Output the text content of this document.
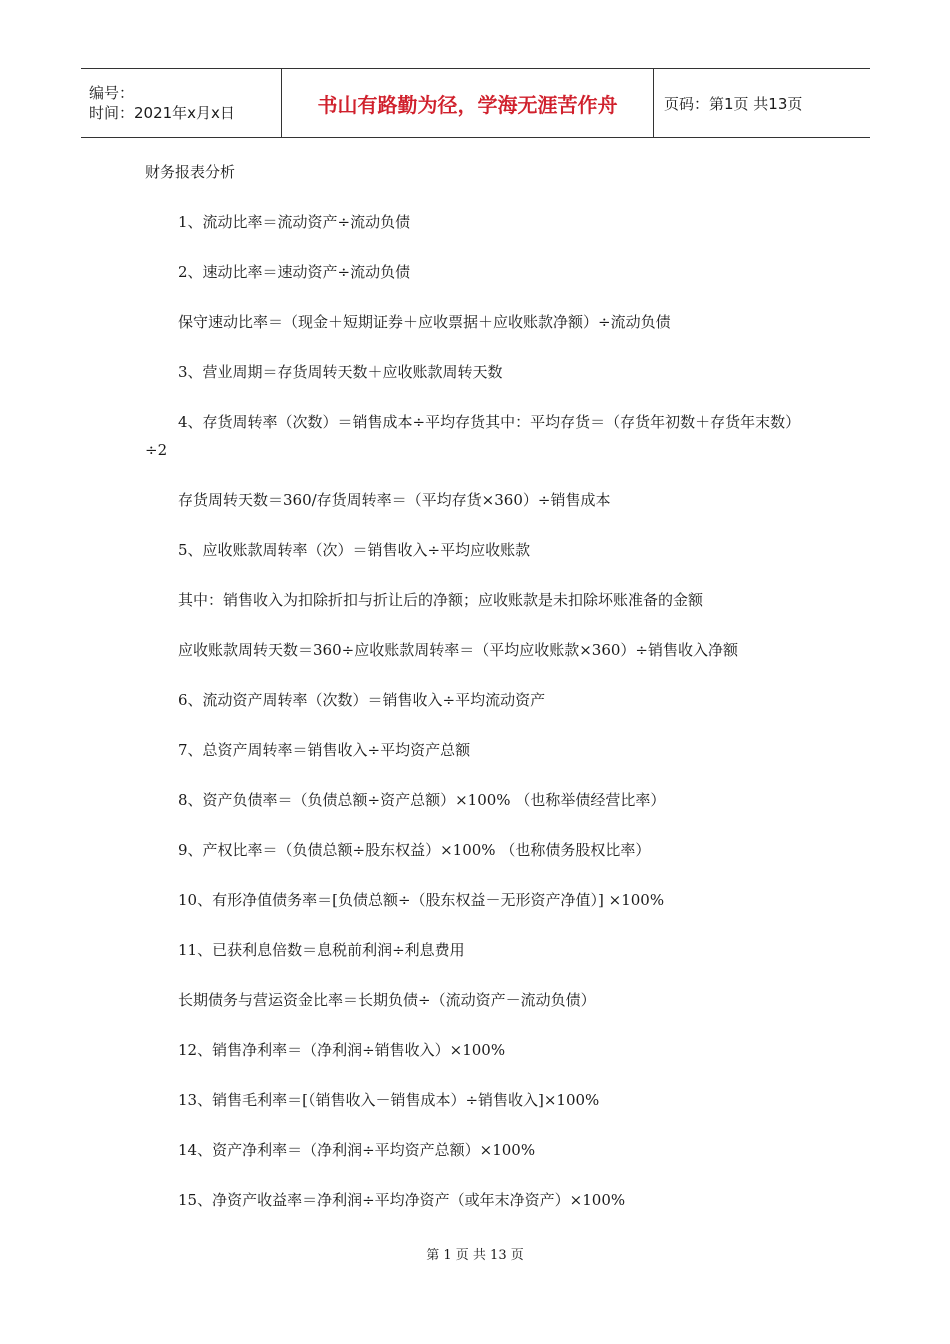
编号：
时间：2021年x月x日	书山有路勤为径，学海无涯苦作舟	页码：第1页 共13页

财务报表分析

1、流动比率＝流动资产÷流动负债

2、速动比率＝速动资产÷流动负债

保守速动比率＝（现金＋短期证券＋应收票据＋应收账款净额）÷流动负债

3、营业周期＝存货周转天数＋应收账款周转天数

4、存货周转率（次数）＝销售成本÷平均存货其中：平均存货＝（存货年初数＋存货年末数）÷2

存货周转天数＝360/存货周转率＝（平均存货×360）÷销售成本

5、应收账款周转率（次）＝销售收入÷平均应收账款

其中：销售收入为扣除折扣与折让后的净额；应收账款是未扣除坏账准备的金额

应收账款周转天数＝360÷应收账款周转率＝（平均应收账款×360）÷销售收入净额

6、流动资产周转率（次数）＝销售收入÷平均流动资产

7、总资产周转率＝销售收入÷平均资产总额

8、资产负债率＝（负债总额÷资产总额）×100% （也称举债经营比率）

9、产权比率＝（负债总额÷股东权益）×100% （也称债务股权比率）

10、有形净值债务率＝[负债总额÷（股东权益－无形资产净值）] ×100%

11、已获利息倍数＝息税前利润÷利息费用

长期债务与营运资金比率＝长期负债÷（流动资产－流动负债）

12、销售净利率＝（净利润÷销售收入）×100%

13、销售毛利率＝[（销售收入－销售成本）÷销售收入]×100%

14、资产净利率＝（净利润÷平均资产总额）×100%

15、净资产收益率＝净利润÷平均净资产（或年末净资产）×100%

第 1 页 共 13 页
